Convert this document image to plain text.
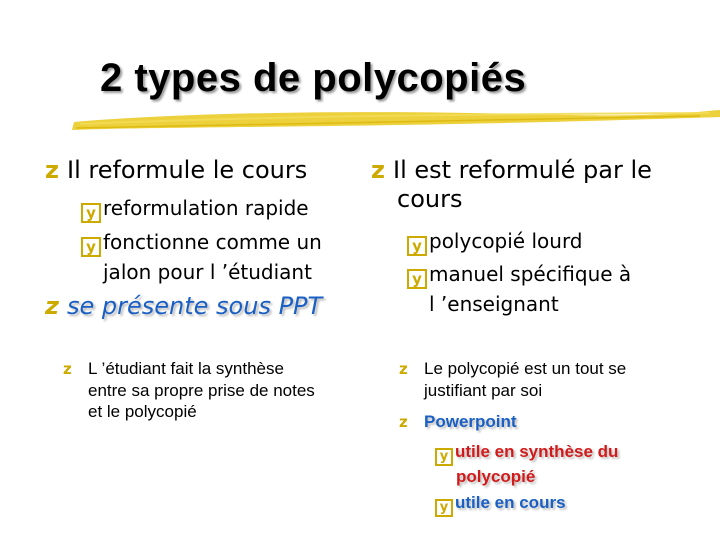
2 types de polycopiés
z Il reformule le cours
y reformulation rapide
y fonctionne comme un
jalon pour l ’étudiant
z se présente sous PPT
z L ’étudiant fait la synthèse
entre sa propre prise de notes
et le polycopié
z Il est reformulé par le
cours
y polycopié lourd
y manuel spécifique à
l ’enseignant
z Le polycopié est un tout se
justifiant par soi
z Powerpoint
y utile en synthèse du
polycopié
y utile en cours
